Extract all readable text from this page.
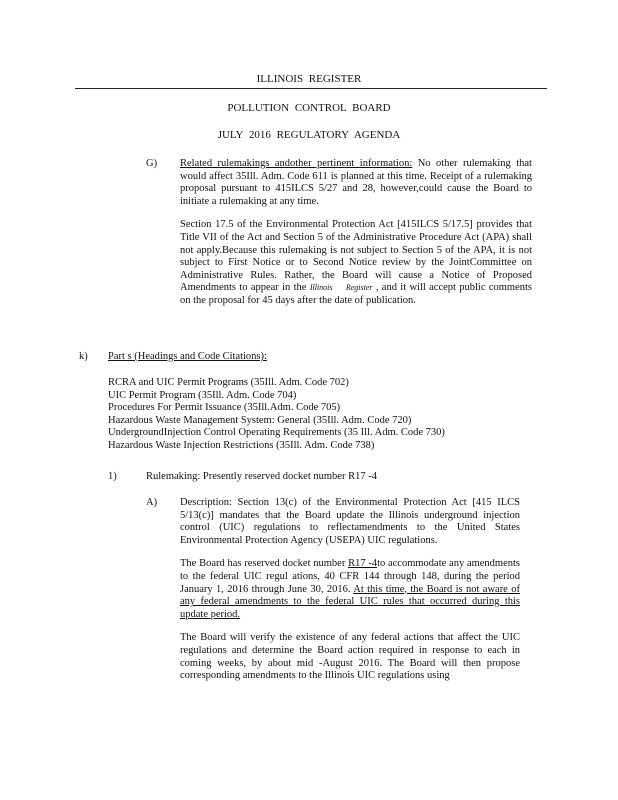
ILLINOIS REGISTER
POLLUTION CONTROL BOARD
JULY 2016 REGULATORY AGENDA
G) Related rulemakings andother pertinent information: No other rulemaking that would affect 35Ill. Adm. Code 611 is planned at this time. Receipt of a rulemaking proposal pursuant to 415ILCS 5/27 and 28, however,could cause the Board to initiate a rulemaking at any time.

Section 17.5 of the Environmental Protection Act [415ILCS 5/17.5] provides that Title VII of the Act and Section 5 of the Administrative Procedure Act (APA) shall not apply.Because this rulemaking is not subject to Section 5 of the APA, it is not subject to First Notice or to Second Notice review by the JointCommittee on Administrative Rules. Rather, the Board will cause a Notice of Proposed Amendments to appear in the Illinois Register , and it will accept public comments on the proposal for 45 days after the date of publication.

k) Part s (Headings and Code Citations):
RCRA and UIC Permit Programs (35Ill. Adm. Code 702)
UIC Permit Program (35Ill. Adm. Code 704)
Procedures For Permit Issuance (35Ill.Adm. Code 705)
Hazardous Waste Management System: General (35Ill. Adm. Code 720)
UndergroundInjection Control Operating Requirements (35 Ill. Adm. Code 730)
Hazardous Waste Injection Restrictions (35Ill. Adm. Code 738)
1)	Rulemaking: Presently reserved docket number R17 -4
A) Description: Section 13(c) of the Environmental Protection Act [415 ILCS 5/13(c)] mandates that the Board update the Illinois underground injection control (UIC) regulations to reflectamendments to the United States Environmental Protection Agency (USEPA) UIC regulations.

The Board has reserved docket number R17 -4to accommodate any amendments to the federal UIC regul ations, 40 CFR 144 through 148, during the period January 1, 2016 through June 30, 2016. At this time, the Board is not aware of any federal amendments to the federal UIC rules that occurred during this update period.

The Board will verify the existence of any federal actions that affect the UIC regulations and determine the Board action required in response to each in coming weeks, by about mid -August 2016. The Board will then propose corresponding amendments to the Illinois UIC regulations using
